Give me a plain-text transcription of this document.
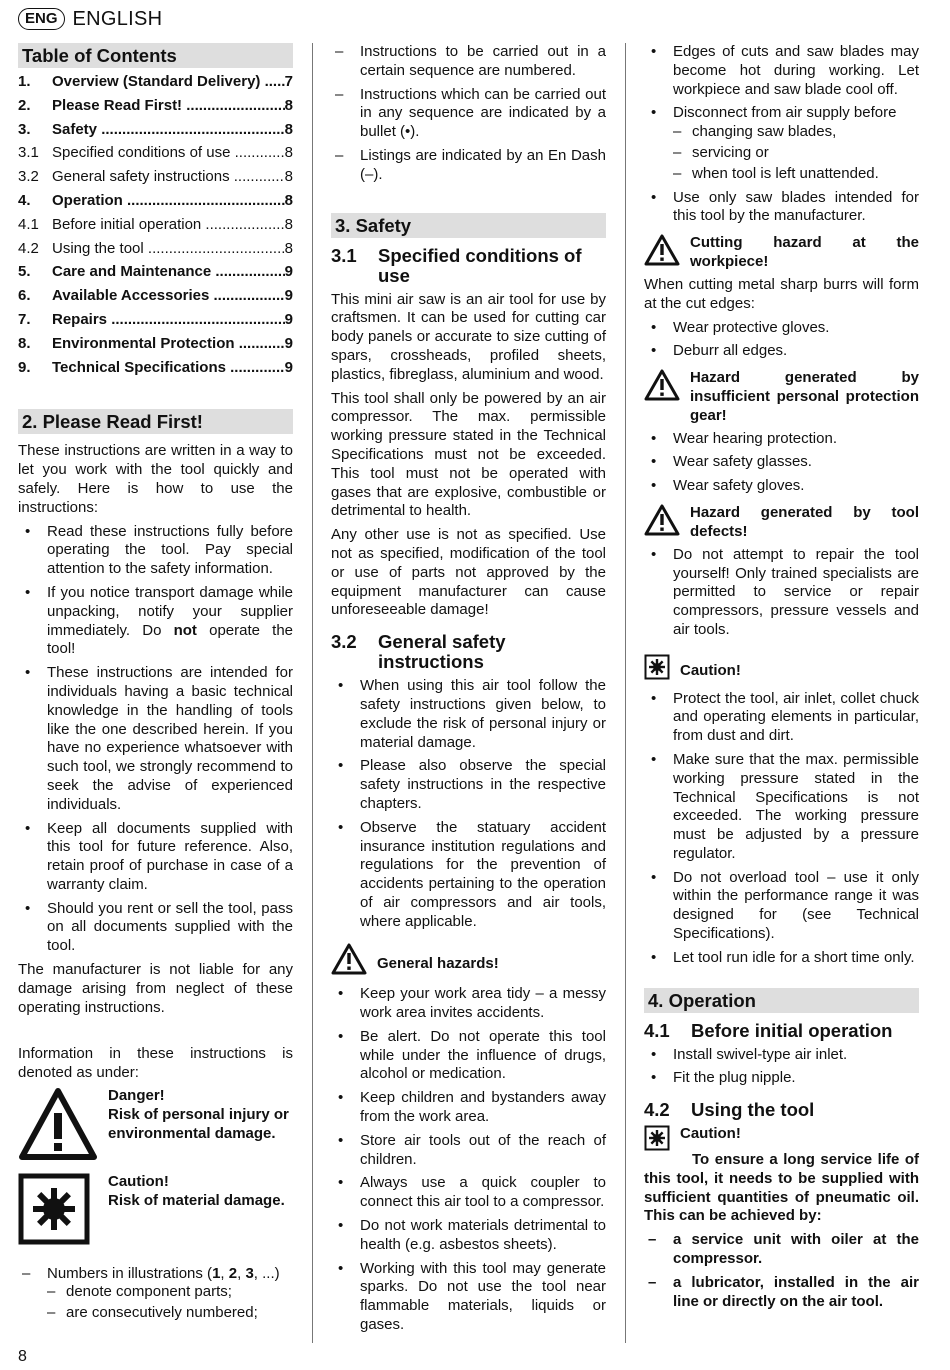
ENG ENGLISH
Table of Contents
1.	Overview (Standard Delivery) .....	7
2.	Please Read First! .....	8
3.	Safety .....	8
3.1 Specified conditions of use .....	8
3.2 General safety instructions .....	8
4.	Operation .....	8
4.1 Before initial operation .....	8
4.2 Using the tool .....	8
5.	Care and Maintenance .....	9
6.	Available Accessories .....	9
7.	Repairs .....	9
8.	Environmental Protection .....	9
9.	Technical Specifications .....	9
2. Please Read First!

These instructions are written in a way to let you work with the tool quickly and safely. Here is how to use the instructions:

• Read these instructions fully before operating the tool. Pay special attention to the safety information.
• If you notice transport damage while unpacking, notify your supplier immediately. Do not operate the tool!
• These instructions are intended for individuals having a basic technical knowledge in the handling of tools like the one described herein. If you have no experience whatsoever with such tool, we strongly recommend to seek the advise of experienced individuals.
• Keep all documents supplied with this tool for future reference. Also, retain proof of purchase in case of a warranty claim.
• Should you rent or sell the tool, pass on all documents supplied with the tool.

The manufacturer is not liable for any damage arising from neglect of these operating instructions.

Information in these instructions is denoted as under:

Danger!
Risk of personal injury or environmental damage.
Caution!
Risk of material damage.
– Numbers in illustrations (1, 2, 3, ...)
– denote component parts;
– are consecutively numbered;
– Instructions to be carried out in a certain sequence are numbered.
– Instructions which can be carried out in any sequence are indicated by a bullet (•).
– Listings are indicated by an En Dash (–).
3. Safety
3.1	Specified conditions of use

This mini air saw is an air tool for use by craftsmen. It can be used for cutting car body panels or accurate to size cutting of spars, crossheads, profiled sheets, plastics, fibreglass, aluminium and wood.

This tool shall only be powered by an air compressor. The max. permissible working pressure stated in the Technical Specifications must not be exceeded. This tool must not be operated with gases that are explosive, combustible or detrimental to health.

Any other use is not as specified. Use not as specified, modification of the tool or use of parts not approved by the equipment manufacturer can cause unforeseeable damage!

3.2	General safety instructions
• When using this air tool follow the safety instructions given below, to exclude the risk of personal injury or material damage.
• Please also observe the special safety instructions in the respective chapters.
• Observe the statuary accident insurance institution regulations and regulations for the prevention of accidents pertaining to the operation of air compressors and air tools, where applicable.
General hazards!
• Keep your work area tidy – a messy work area invites accidents.
• Be alert. Do not operate this tool while under the influence of drugs, alcohol or medication.
• Keep children and bystanders away from the work area.
• Store air tools out of the reach of children.
• Always use a quick coupler to connect this air tool to a compressor.
• Do not work materials detrimental to health (e.g. asbestos sheets).
• Working with this tool may generate sparks. Do not use the tool near flammable materials, liquids or gases.
• Edges of cuts and saw blades may become hot during working. Let workpiece and saw blade cool off.
• Disconnect from air supply before
– changing saw blades,
– servicing or
– when tool is left unattended.
• Use only saw blades intended for this tool by the manufacturer.
Cutting hazard at the workpiece!

When cutting metal sharp burrs will form at the cut edges:

• Wear protective gloves.
• Deburr all edges.
Hazard generated by insufficient personal protection gear!
• Wear hearing protection.
• Wear safety glasses.
• Wear safety gloves.
Hazard generated by tool defects!
• Do not attempt to repair the tool yourself! Only trained specialists are permitted to service or repair compressors, pressure vessels and air tools.
Caution!
• Protect the tool, air inlet, collet chuck and operating elements in particular, from dust and dirt.
• Make sure that the max. permissible working pressure stated in the Technical Specifications is not exceeded. The working pressure must be adjusted by a pressure regulator.
• Do not overload tool – use it only within the performance range it was designed for (see Technical Specifications).
• Let tool run idle for a short time only.
4. Operation
4.1	Before initial operation
• Install swivel-type air inlet.
• Fit the plug nipple.
4.2	Using the tool
Caution!

To ensure a long service life of this tool, it needs to be supplied with sufficient quantities of pneumatic oil. This can be achieved by:

– a service unit with oiler at the compressor.
– a lubricator, installed in the air line or directly on the air tool.
8
